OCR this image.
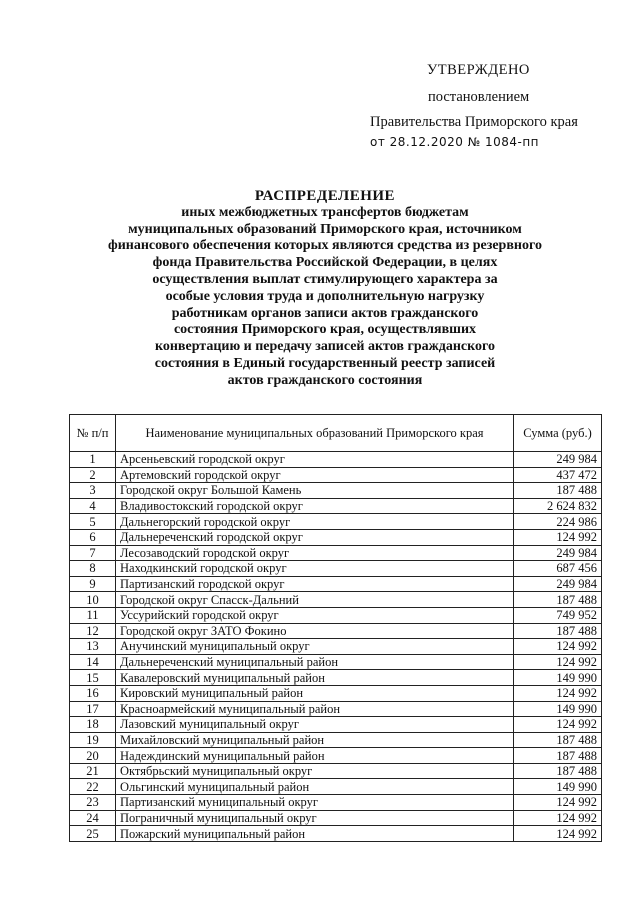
УТВЕРЖДЕНО
постановлением
Правительства Приморского края
от 28.12.2020 № 1084-пп
РАСПРЕДЕЛЕНИЕ
иных межбюджетных трансфертов бюджетам
муниципальных образований Приморского края, источником
финансового обеспечения которых являются средства из резервного
фонда Правительства Российской Федерации, в целях
осуществления выплат стимулирующего характера за
особые условия труда и дополнительную нагрузку
работникам органов записи актов гражданского
состояния Приморского края, осуществлявших
конвертацию и передачу записей актов гражданского
состояния в Единый государственный реестр записей
актов гражданского состояния
№ п/п	Наименование муниципальных образований Приморского края	Сумма (руб.)
1	Арсеньевский городской округ	249 984
2	Артемовский городской округ	437 472
3	Городской округ Большой Камень	187 488
4	Владивостокский городской округ	2 624 832
5	Дальнегорский городской округ	224 986
6	Дальнереченский городской округ	124 992
7	Лесозаводский городской округ	249 984
8	Находкинский городской округ	687 456
9	Партизанский городской округ	249 984
10	Городской округ Спасск-Дальний	187 488
11	Уссурийский городской округ	749 952
12	Городской округ ЗАТО Фокино	187 488
13	Анучинский муниципальный округ	124 992
14	Дальнереченский муниципальный район	124 992
15	Кавалеровский муниципальный район	149 990
16	Кировский муниципальный район	124 992
17	Красноармейский муниципальный район	149 990
18	Лазовский муниципальный округ	124 992
19	Михайловский муниципальный район	187 488
20	Надеждинский муниципальный район	187 488
21	Октябрьский муниципальный округ	187 488
22	Ольгинский муниципальный район	149 990
23	Партизанский муниципальный округ	124 992
24	Пограничный муниципальный округ	124 992
25	Пожарский муниципальный район	124 992
